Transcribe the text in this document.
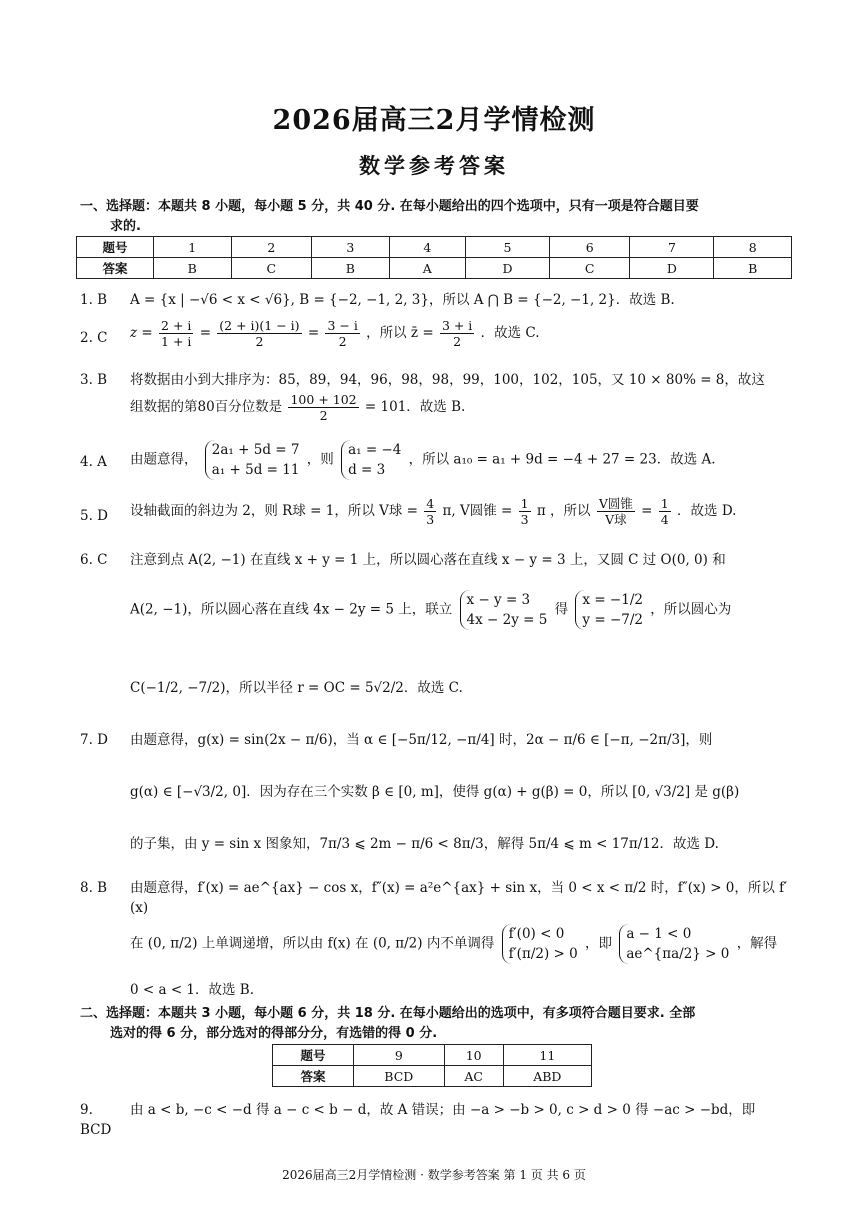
2026届高三2月学情检测
数学参考答案
一、选择题：本题共 8 小题，每小题 5 分，共 40 分. 在每小题给出的四个选项中，只有一项是符合题目要
求的.
题号	1	2	3	4	5	6	7	8
答案	B	C	B	A	D	C	D	B
1. B	A = {x | −√6 < x < √6}, B = {−2, −1, 2, 3}，所以 A ⋂ B = {−2, −1, 2}．故选 B.
2. C	$z = \frac{2 + i}{1 + i} = \frac{(2 + i)(1 - i)}{2} = \frac{3 - i}{2}$ ，所以 z̄ = $\frac{3 + i}{2}$ ．故选 C.
3. B	将数据由小到大排序为：85，89，94，96，98，98，99，100，102，105，又 10 × 80% = 8，故这
组数据的第80百分位数是 $\frac{100 + 102}{2} = 101$．故选 B.
4. A	由题意得，
2a₁ + 5d = 7
a₁ + 5d = 11
，则
a₁ = −4
d = 3
，所以 a₁₀ = a₁ + 9d = −4 + 27 = 23．故选 A.
5. D	设轴截面的斜边为 2，则 R球 = 1，所以 V球 = $\frac{4}{3} \pi$, V圆锥 = $\frac{1}{3}$ π ，所以 V圆锥
V球
= $\frac{1}{4}$ ．故选 D.
6. C	注意到点 A(2, −1) 在直线 x + y = 1 上，所以圆心落在直线 x − y = 3 上，又圆 C 过 O(0, 0) 和
A(2, −1)，所以圆心落在直线 4x − 2y = 5 上，联立
x − y = 3
4x − 2y = 5
得
x = −1/2
y = −7/2
，所以圆心为
C(−1/2, −7/2)，所以半径 r = OC = 5√2/2．故选 C.
7. D	由题意得，g(x) = sin(2x − π/6)，当 α ∈ [−5π/12, −π/4] 时，2α − π/6 ∈ [−π, −2π/3]，则
g(α) ∈ [−√3/2, 0]．因为存在三个实数 β ∈ [0, m]，使得 g(α) + g(β) = 0，所以 [0, √3/2] 是 g(β)
的子集，由 y = sin x 图象知，7π/3 ⩽ 2m − π/6 < 8π/3，解得 5π/4 ⩽ m < 17π/12．故选 D.
8. B	由题意得，f′(x) = ae^{ax} − cos x，f″(x) = a²e^{ax} + sin x，当 0 < x < π/2 时，f″(x) > 0，所以 f′(x)
在 (0, π/2) 上单调递增，所以由 f(x) 在 (0, π/2) 内不单调得
f′(0) < 0
f′(π/2) > 0
，即
a − 1 < 0
ae^{πa/2} > 0
，解得
0 < a < 1．故选 B.
二、选择题：本题共 3 小题，每小题 6 分，共 18 分. 在每小题给出的选项中，有多项符合题目要求. 全部
选对的得 6 分，部分选对的得部分分，有选错的得 0 分.
题号	9	10	11
答案	BCD	AC	ABD
9. BCD
由 a < b, −c < −d 得 a − c < b − d，故 A 错误；由 −a > −b > 0, c > d > 0 得 −ac > −bd，即
2026届高三2月学情检测 · 数学参考答案 第 1 页 共 6 页
